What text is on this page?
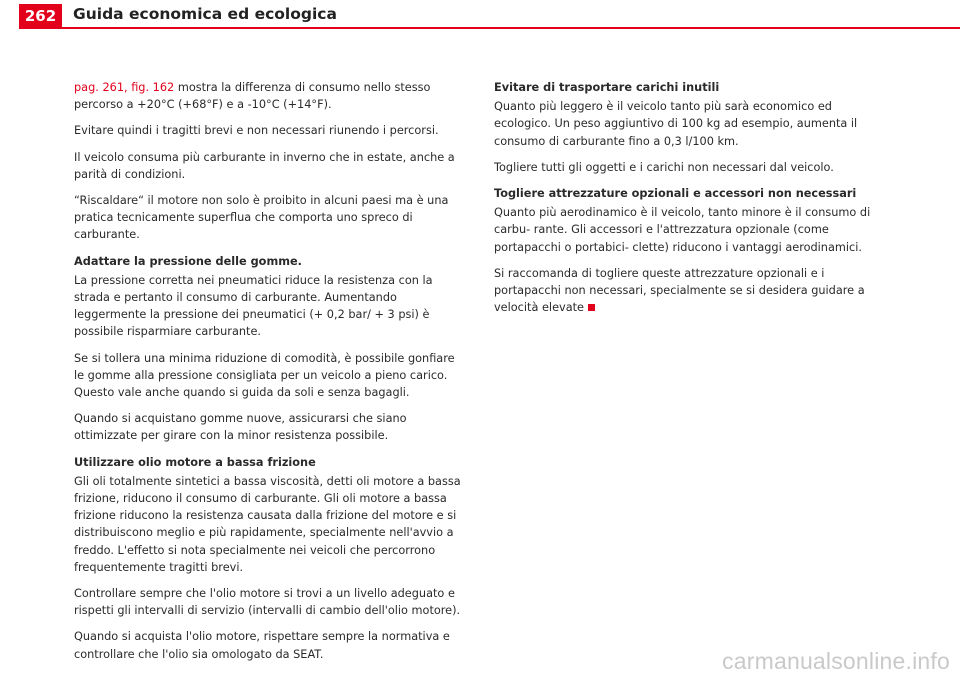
262	Guida economica ed ecologica

pag. 261, fig. 162 mostra la differenza di consumo nello stesso percorso a +20°C (+68°F) e a -10°C (+14°F).

Evitare quindi i tragitti brevi e non necessari riunendo i percorsi.

Il veicolo consuma più carburante in inverno che in estate, anche a parità di condizioni.

“Riscaldare“ il motore non solo è proibito in alcuni paesi ma è una pratica tecnicamente superflua che comporta uno spreco di carburante.

Adattare la pressione delle gomme.

La pressione corretta nei pneumatici riduce la resistenza con la strada e pertanto il consumo di carburante. Aumentando leggermente la pressione dei pneumatici (+ 0,2 bar/ + 3 psi) è possibile risparmiare carburante.

Se si tollera una minima riduzione di comodità, è possibile gonfiare le gomme alla pressione consigliata per un veicolo a pieno carico. Questo vale anche quando si guida da soli e senza bagagli.

Quando si acquistano gomme nuove, assicurarsi che siano ottimizzate per girare con la minor resistenza possibile.

Utilizzare olio motore a bassa frizione

Gli oli totalmente sintetici a bassa viscosità, detti oli motore a bassa frizione, riducono il consumo di carburante. Gli oli motore a bassa frizione riducono la resistenza causata dalla frizione del motore e si distribuiscono meglio e più rapidamente, specialmente nell'avvio a freddo. L'effetto si nota specialmente nei veicoli che percorrono frequentemente tragitti brevi.

Controllare sempre che l'olio motore si trovi a un livello adeguato e rispetti gli intervalli di servizio (intervalli di cambio dell'olio motore).

Quando si acquista l'olio motore, rispettare sempre la normativa e controllare che l'olio sia omologato da SEAT.

Evitare di trasportare carichi inutili

Quanto più leggero è il veicolo tanto più sarà economico ed ecologico. Un peso aggiuntivo di 100 kg ad esempio, aumenta il consumo di carburante fino a 0,3 l/100 km.

Togliere tutti gli oggetti e i carichi non necessari dal veicolo.

Togliere attrezzature opzionali e accessori non necessari

Quanto più aerodinamico è il veicolo, tanto minore è il consumo di carbu- rante. Gli accessori e l'attrezzatura opzionale (come portapacchi o portabici- clette) riducono i vantaggi aerodinamici.

Si raccomanda di togliere queste attrezzature opzionali e i portapacchi non necessari, specialmente se si desidera guidare a velocità elevate

carmanualsonline.info
